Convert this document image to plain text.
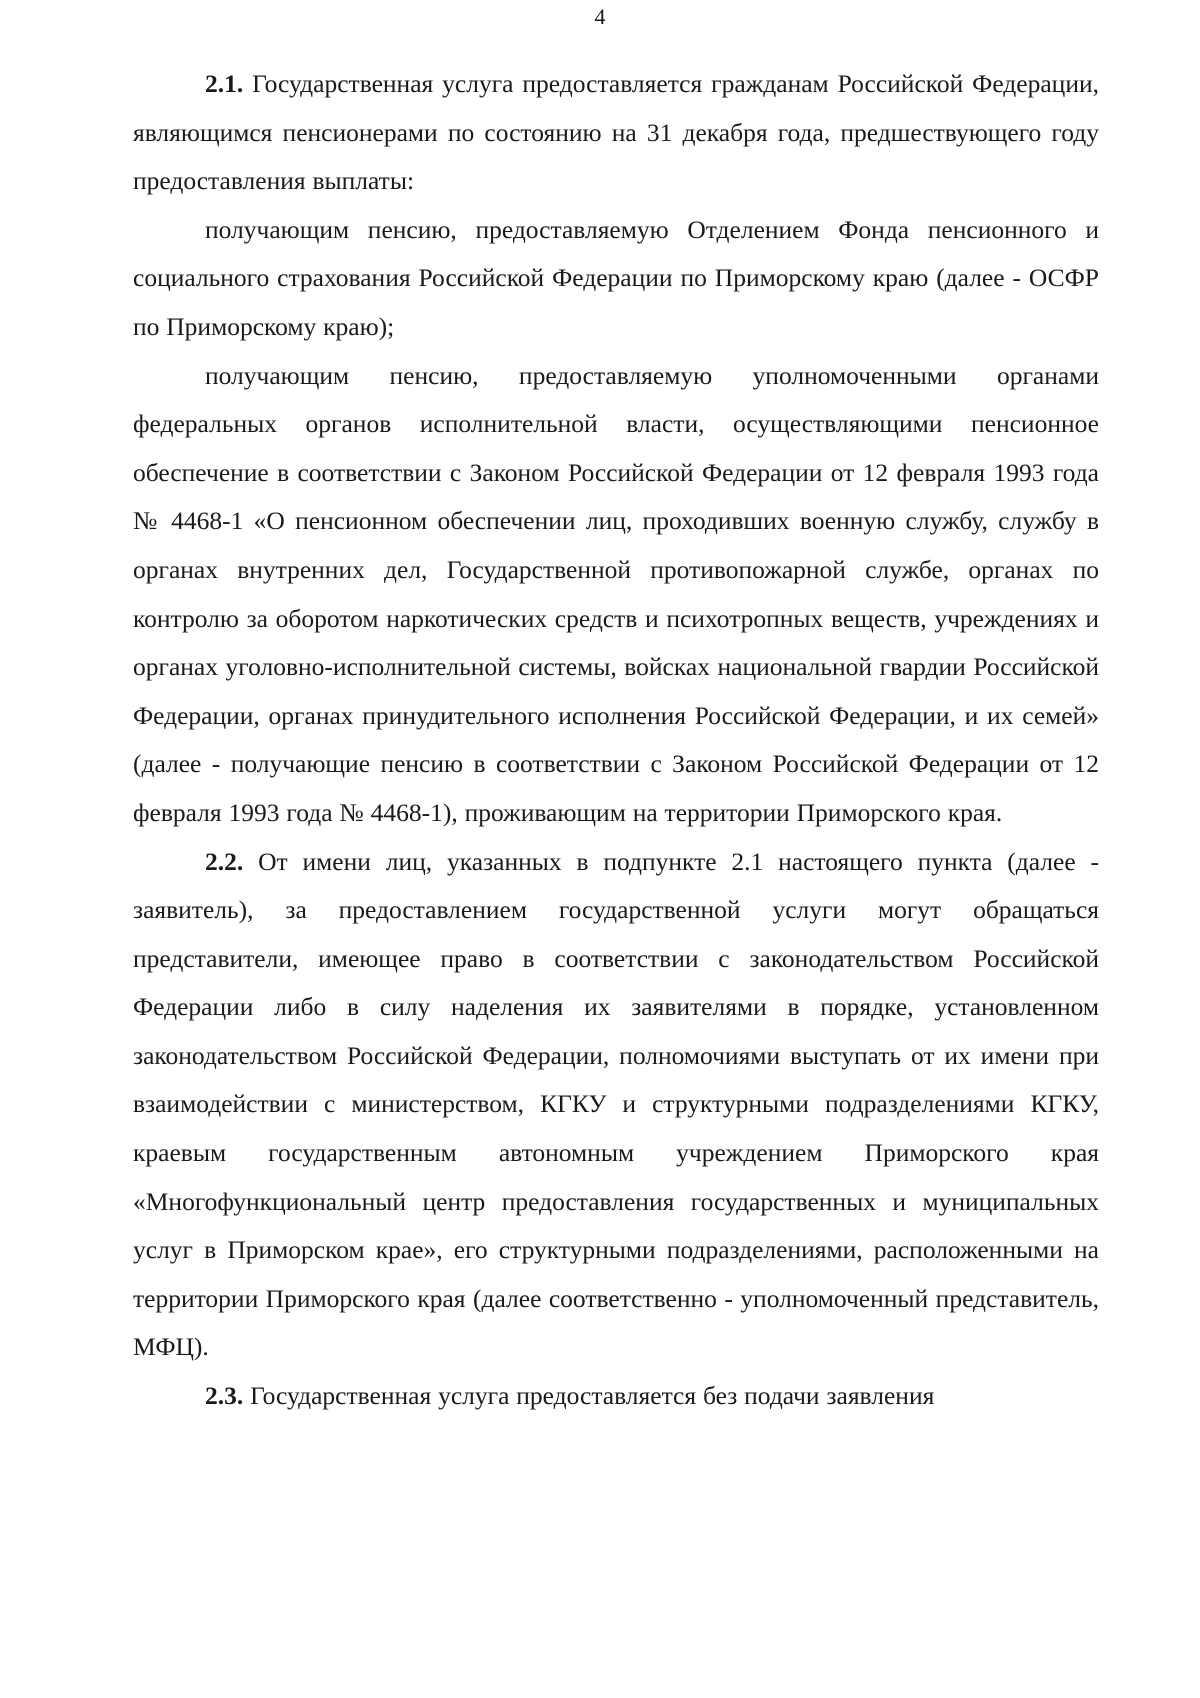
4

2.1. Государственная услуга предоставляется гражданам Российской Федерации, являющимся пенсионерами по состоянию на 31 декабря года, предшествующего году предоставления выплаты:

получающим пенсию, предоставляемую Отделением Фонда пенсионного и социального страхования Российской Федерации по Приморскому краю (далее - ОСФР по Приморскому краю);

получающим пенсию, предоставляемую уполномоченными органами федеральных органов исполнительной власти, осуществляющими пенсионное обеспечение в соответствии с Законом Российской Федерации от 12 февраля 1993 года № 4468-1 «О пенсионном обеспечении лиц, проходивших военную службу, службу в органах внутренних дел, Государственной противопожарной службе, органах по контролю за оборотом наркотических средств и психотропных веществ, учреждениях и органах уголовно-исполнительной системы, войсках национальной гвардии Российской Федерации, органах принудительного исполнения Российской Федерации, и их семей» (далее - получающие пенсию в соответствии с Законом Российской Федерации от 12 февраля 1993 года № 4468-1), проживающим на территории Приморского края.

2.2. От имени лиц, указанных в подпункте 2.1 настоящего пункта (далее - заявитель), за предоставлением государственной услуги могут обращаться представители, имеющее право в соответствии с законодательством Российской Федерации либо в силу наделения их заявителями в порядке, установленном законодательством Российской Федерации, полномочиями выступать от их имени при взаимодействии с министерством, КГКУ и структурными подразделениями КГКУ, краевым государственным автономным учреждением Приморского края «Многофункциональный центр предоставления государственных и муниципальных услуг в Приморском крае», его структурными подразделениями, расположенными на территории Приморского края (далее соответственно - уполномоченный представитель, МФЦ).

2.3. Государственная услуга предоставляется без подачи заявления
